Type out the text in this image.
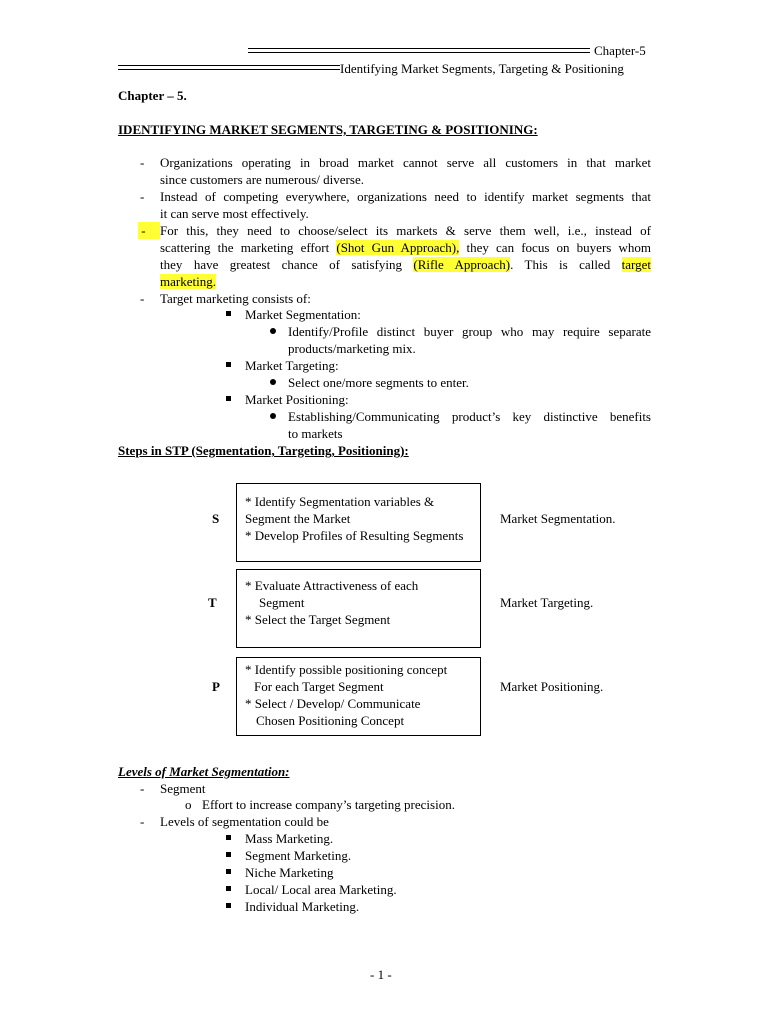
Chapter-5
Identifying Market Segments, Targeting & Positioning
Chapter – 5.
IDENTIFYING MARKET SEGMENTS, TARGETING & POSITIONING:
- Organizations operating in broad market cannot serve all customers in that market
since customers are numerous/ diverse.
- Instead of competing everywhere, organizations need to identify market segments that
it can serve most effectively.
-	For this, they need to choose/select its markets & serve them well, i.e., instead of
scattering the marketing effort (Shot Gun Approach), they can focus on buyers whom
they have greatest chance of satisfying (Rifle Approach). This is called target
marketing.
- Target marketing consists of:
Market Segmentation:
Identify/Profile distinct buyer group who may require separate
products/marketing mix.
Market Targeting:
Select one/more segments to enter.
Market Positioning:
Establishing/Communicating product’s key distinctive benefits
to markets
Steps in STP (Segmentation, Targeting, Positioning):
S
* Identify Segmentation variables &
Segment the Market
* Develop Profiles of Resulting Segments
Market Segmentation.
T
* Evaluate Attractiveness of each
Segment
* Select the Target Segment
Market Targeting.
P
* Identify possible positioning concept
For each Target Segment
* Select / Develop/ Communicate
Chosen Positioning Concept
Market Positioning.
Levels of Market Segmentation:
- Segment
o Effort to increase company’s targeting precision.
- Levels of segmentation could be
Mass Marketing.
Segment Marketing.
Niche Marketing
Local/ Local area Marketing.
Individual Marketing.
- 1 -
